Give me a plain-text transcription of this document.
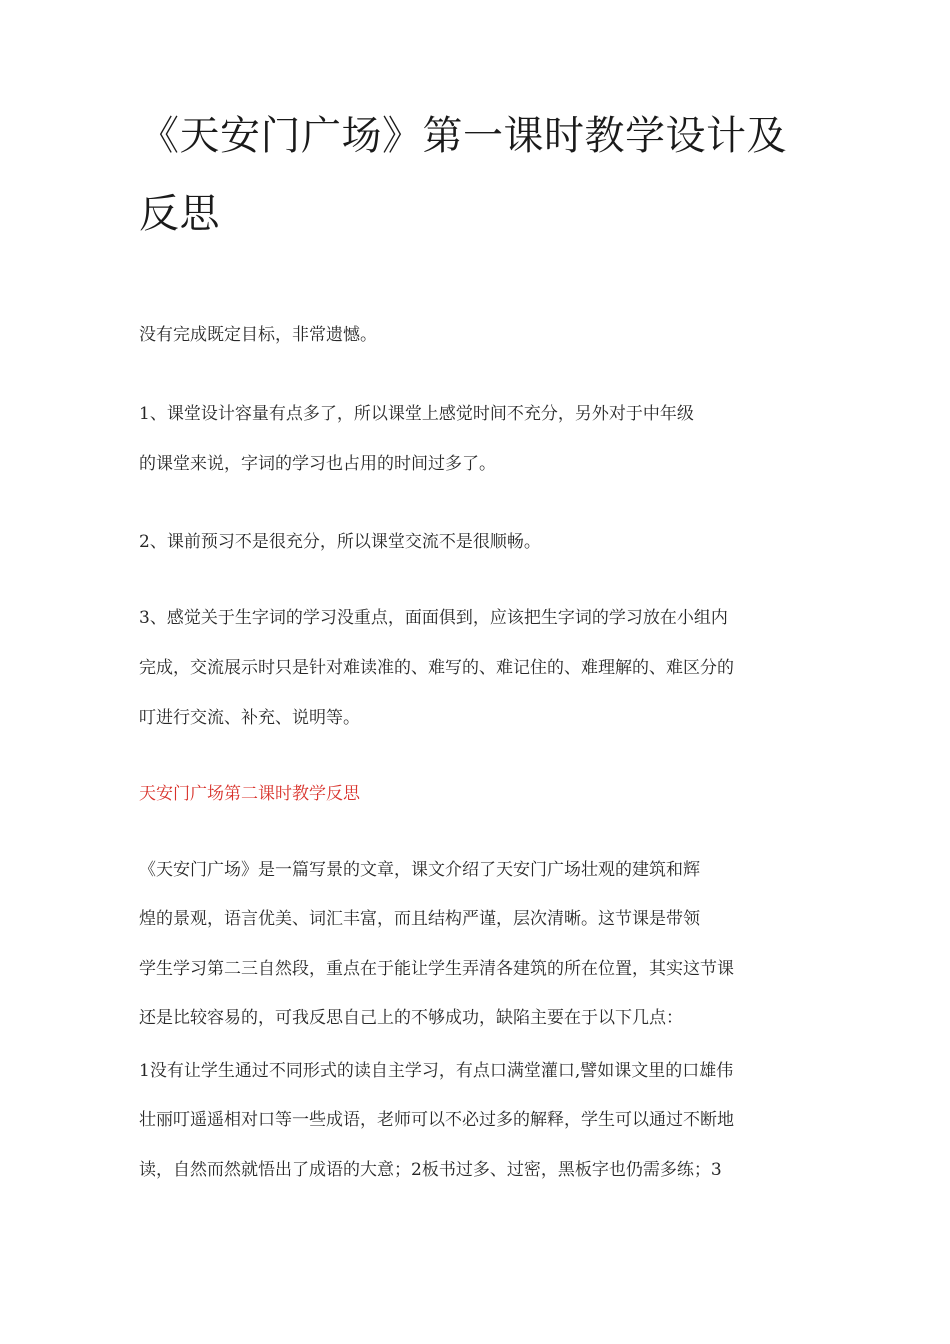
《天安门广场》第一课时教学设计及
反思
没有完成既定目标，非常遗憾。
1、课堂设计容量有点多了，所以课堂上感觉时间不充分，另外对于中年级
的课堂来说，字词的学习也占用的时间过多了。
2、课前预习不是很充分，所以课堂交流不是很顺畅。
3、感觉关于生字词的学习没重点，面面俱到，应该把生字词的学习放在小组内
完成，交流展示时只是针对难读准的、难写的、难记住的、难理解的、难区分的
叮进行交流、补充、说明等。
天安门广场第二课时教学反思
《天安门广场》是一篇写景的文章，课文介绍了天安门广场壮观的建筑和辉
煌的景观，语言优美、词汇丰富，而且结构严谨，层次清晰。这节课是带领
学生学习第二三自然段，重点在于能让学生弄清各建筑的所在位置，其实这节课
还是比较容易的，可我反思自己上的不够成功，缺陷主要在于以下几点：
1没有让学生通过不同形式的读自主学习，有点口满堂灌口,譬如课文里的口雄伟
壮丽叮遥遥相对口等一些成语，老师可以不必过多的解释，学生可以通过不断地
读，自然而然就悟出了成语的大意；2板书过多、过密，黑板字也仍需多练；3
